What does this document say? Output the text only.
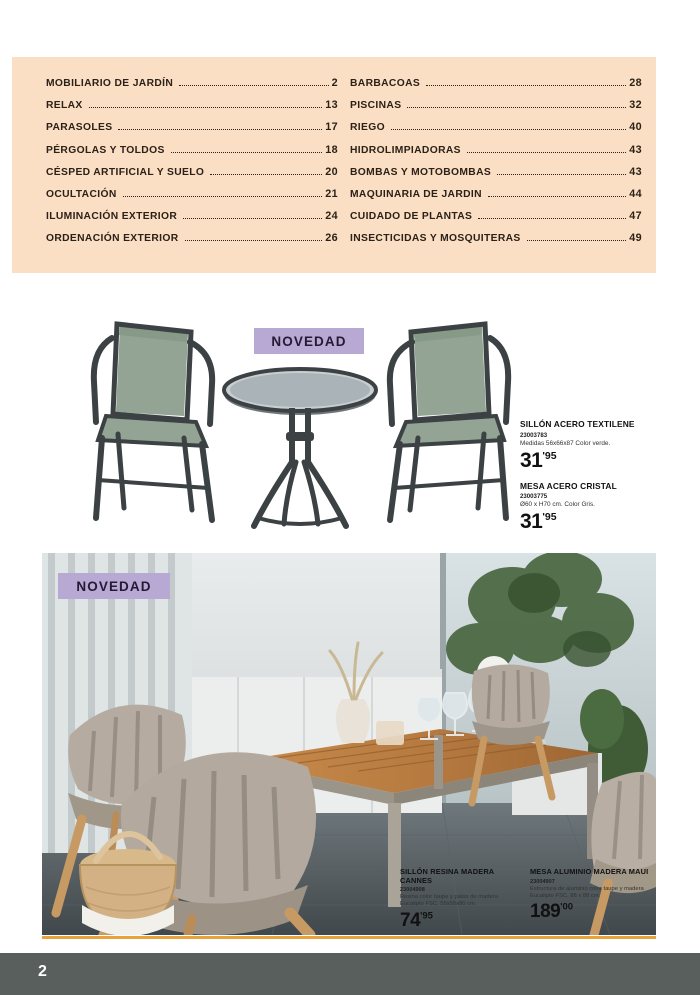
MOBILIARIO DE JARDÍN	2
RELAX	13
PARASOLES	17
PÉRGOLAS Y TOLDOS	18
CÉSPED ARTIFICIAL Y SUELO	20
OCULTACIÓN	21
ILUMINACIÓN EXTERIOR	24
ORDENACIÓN EXTERIOR	26
BARBACOAS	28
PISCINAS	32
RIEGO	40
HIDROLIMPIADORAS	43
BOMBAS Y MOTOBOMBAS	43
MAQUINARIA DE JARDIN	44
CUIDADO DE PLANTAS	47
INSECTICIDAS Y MOSQUITERAS	49
NOVEDAD
SILLÓN ACERO TEXTILENE
23003783
Medidas 56x66x87 Color verde.
$31^{'95}$
MESA ACERO CRISTAL
23003775
Ø60 x H70 cm. Color Gris.
$31^{'95}$
NOVEDAD
SILLÓN RESINA MADERA CANNES
23004908
Resina color taupe y patas de madera Eucalipto FSC. 55x55x80 cm.
$74^{'95}$
MESA ALUMINIO MADERA MAUI
23004907
Estructura de aluminio color taupe y madera Eucalipto FSC. 88 x 88 cm.
$189^{'00}$
2
